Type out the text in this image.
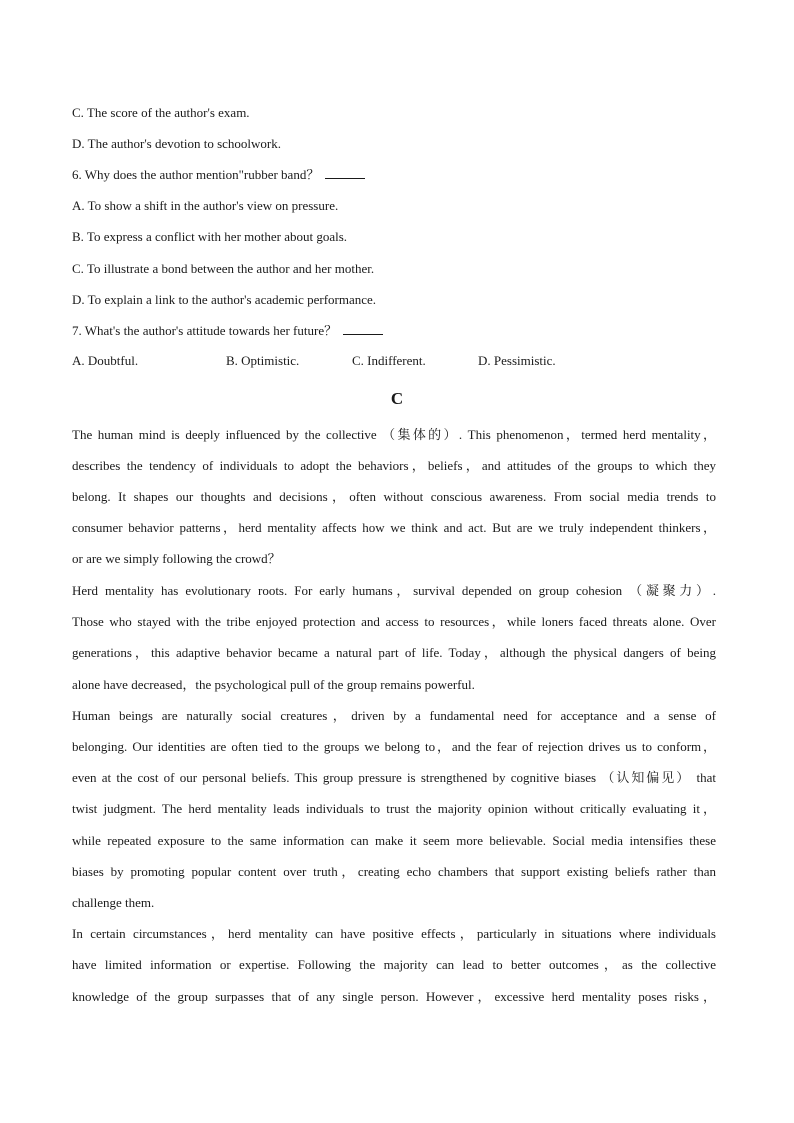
C. The score of the author's exam.
D. The author's devotion to schoolwork.
6. Why does the author mention"rubber band？
A. To show a shift in the author's view on pressure.
B. To express a conflict with her mother about goals.
C. To illustrate a bond between the author and her mother.
D. To explain a link to the author's academic performance.
7. What's the author's attitude towards her future？
A. Doubtful.	B. Optimistic.	C. Indifferent.	D. Pessimistic.
C
The human mind is deeply influenced by the collective （集体的）. This phenomenon，termed herd mentality，
describes the tendency of individuals to adopt the behaviors，beliefs，and attitudes of the groups to which they
belong. It shapes our thoughts and decisions，often without conscious awareness. From social media trends to
consumer behavior patterns，herd mentality affects how we think and act. But are we truly independent thinkers，
or are we simply following the crowd？
Herd mentality has evolutionary roots. For early humans，survival depended on group cohesion （凝聚力）.
Those who stayed with the tribe enjoyed protection and access to resources，while loners faced threats alone. Over
generations，this adaptive behavior became a natural part of life. Today，although the physical dangers of being
alone have decreased，the psychological pull of the group remains powerful.
Human beings are naturally social creatures，driven by a fundamental need for acceptance and a sense of
belonging. Our identities are often tied to the groups we belong to，and the fear of rejection drives us to conform，
even at the cost of our personal beliefs. This group pressure is strengthened by cognitive biases （认知偏见） that
twist judgment. The herd mentality leads individuals to trust the majority opinion without critically evaluating it，
while repeated exposure to the same information can make it seem more believable. Social media intensifies these
biases by promoting popular content over truth，creating echo chambers that support existing beliefs rather than
challenge them.
In certain circumstances，herd mentality can have positive effects，particularly in situations where individuals
have limited information or expertise. Following the majority can lead to better outcomes，as the collective
knowledge of the group surpasses that of any single person. However，excessive herd mentality poses risks，
